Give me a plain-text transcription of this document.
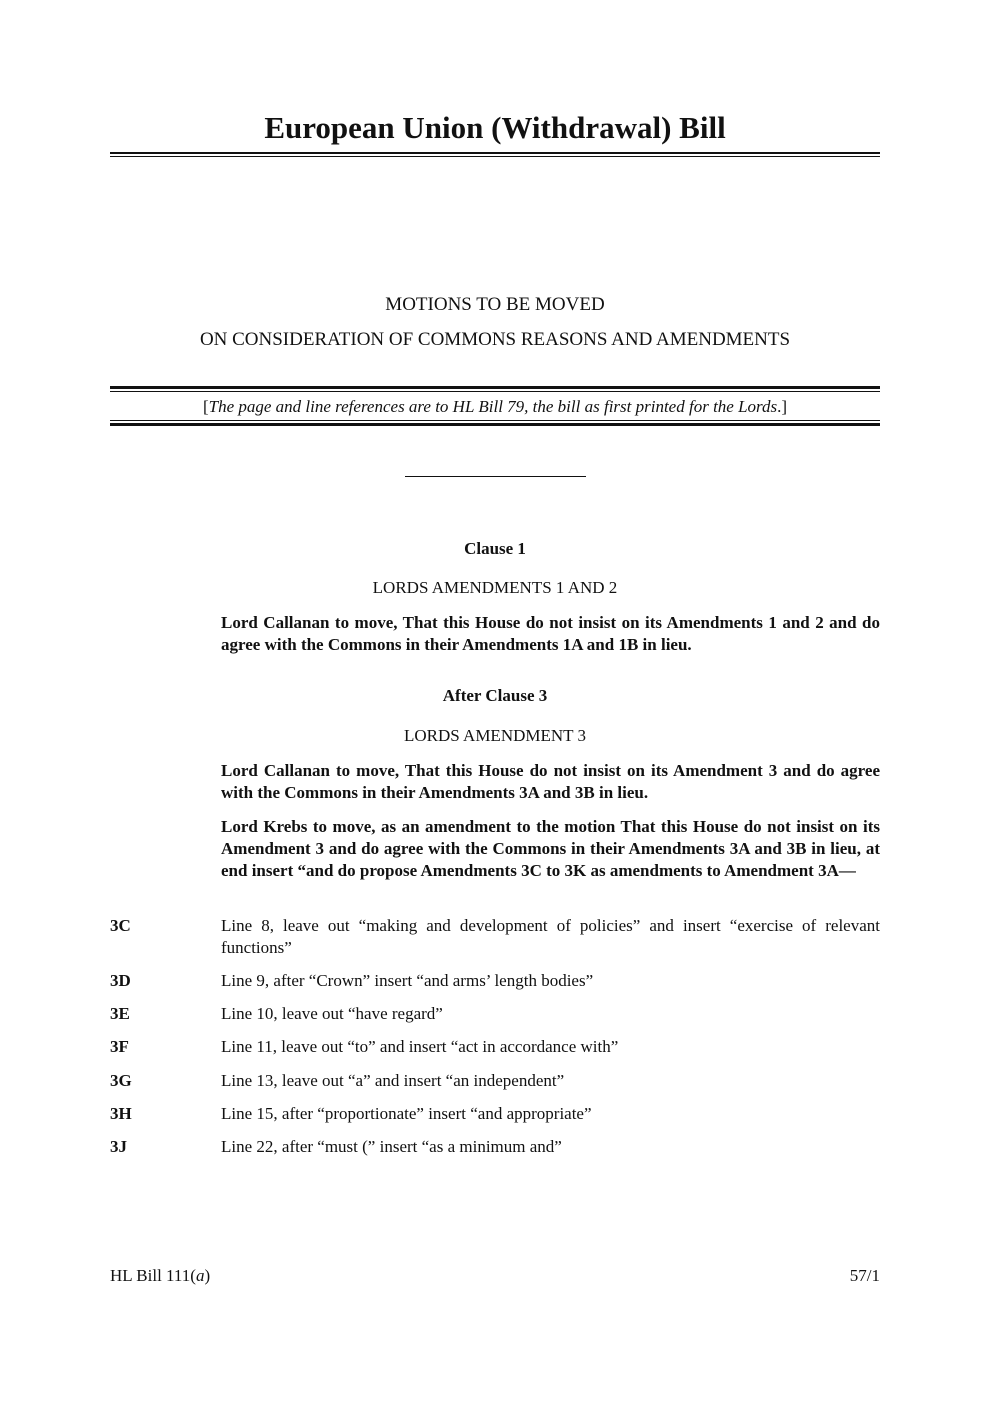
European Union (Withdrawal) Bill
MOTIONS TO BE MOVED
ON CONSIDERATION OF COMMONS REASONS AND AMENDMENTS
[The page and line references are to HL Bill 79, the bill as first printed for the Lords.]
Clause 1
LORDS AMENDMENTS 1 AND 2
Lord Callanan to move, That this House do not insist on its Amendments 1 and 2 and do agree with the Commons in their Amendments 1A and 1B in lieu.
After Clause 3
LORDS AMENDMENT 3
Lord Callanan to move, That this House do not insist on its Amendment 3 and do agree with the Commons in their Amendments 3A and 3B in lieu.
Lord Krebs to move, as an amendment to the motion That this House do not insist on its Amendment 3 and do agree with the Commons in their Amendments 3A and 3B in lieu, at end insert “and do propose Amendments 3C to 3K as amendments to Amendment 3A—
3C	Line 8, leave out “making and development of policies” and insert “exercise of relevant functions”
3D	Line 9, after “Crown” insert “and arms’ length bodies”
3E	Line 10, leave out “have regard”
3F	Line 11, leave out “to” and insert “act in accordance with”
3G	Line 13, leave out “a” and insert “an independent”
3H	Line 15, after “proportionate” insert “and appropriate”
3J	Line 22, after “must (” insert “as a minimum and”
HL Bill 111(a)	57/1
